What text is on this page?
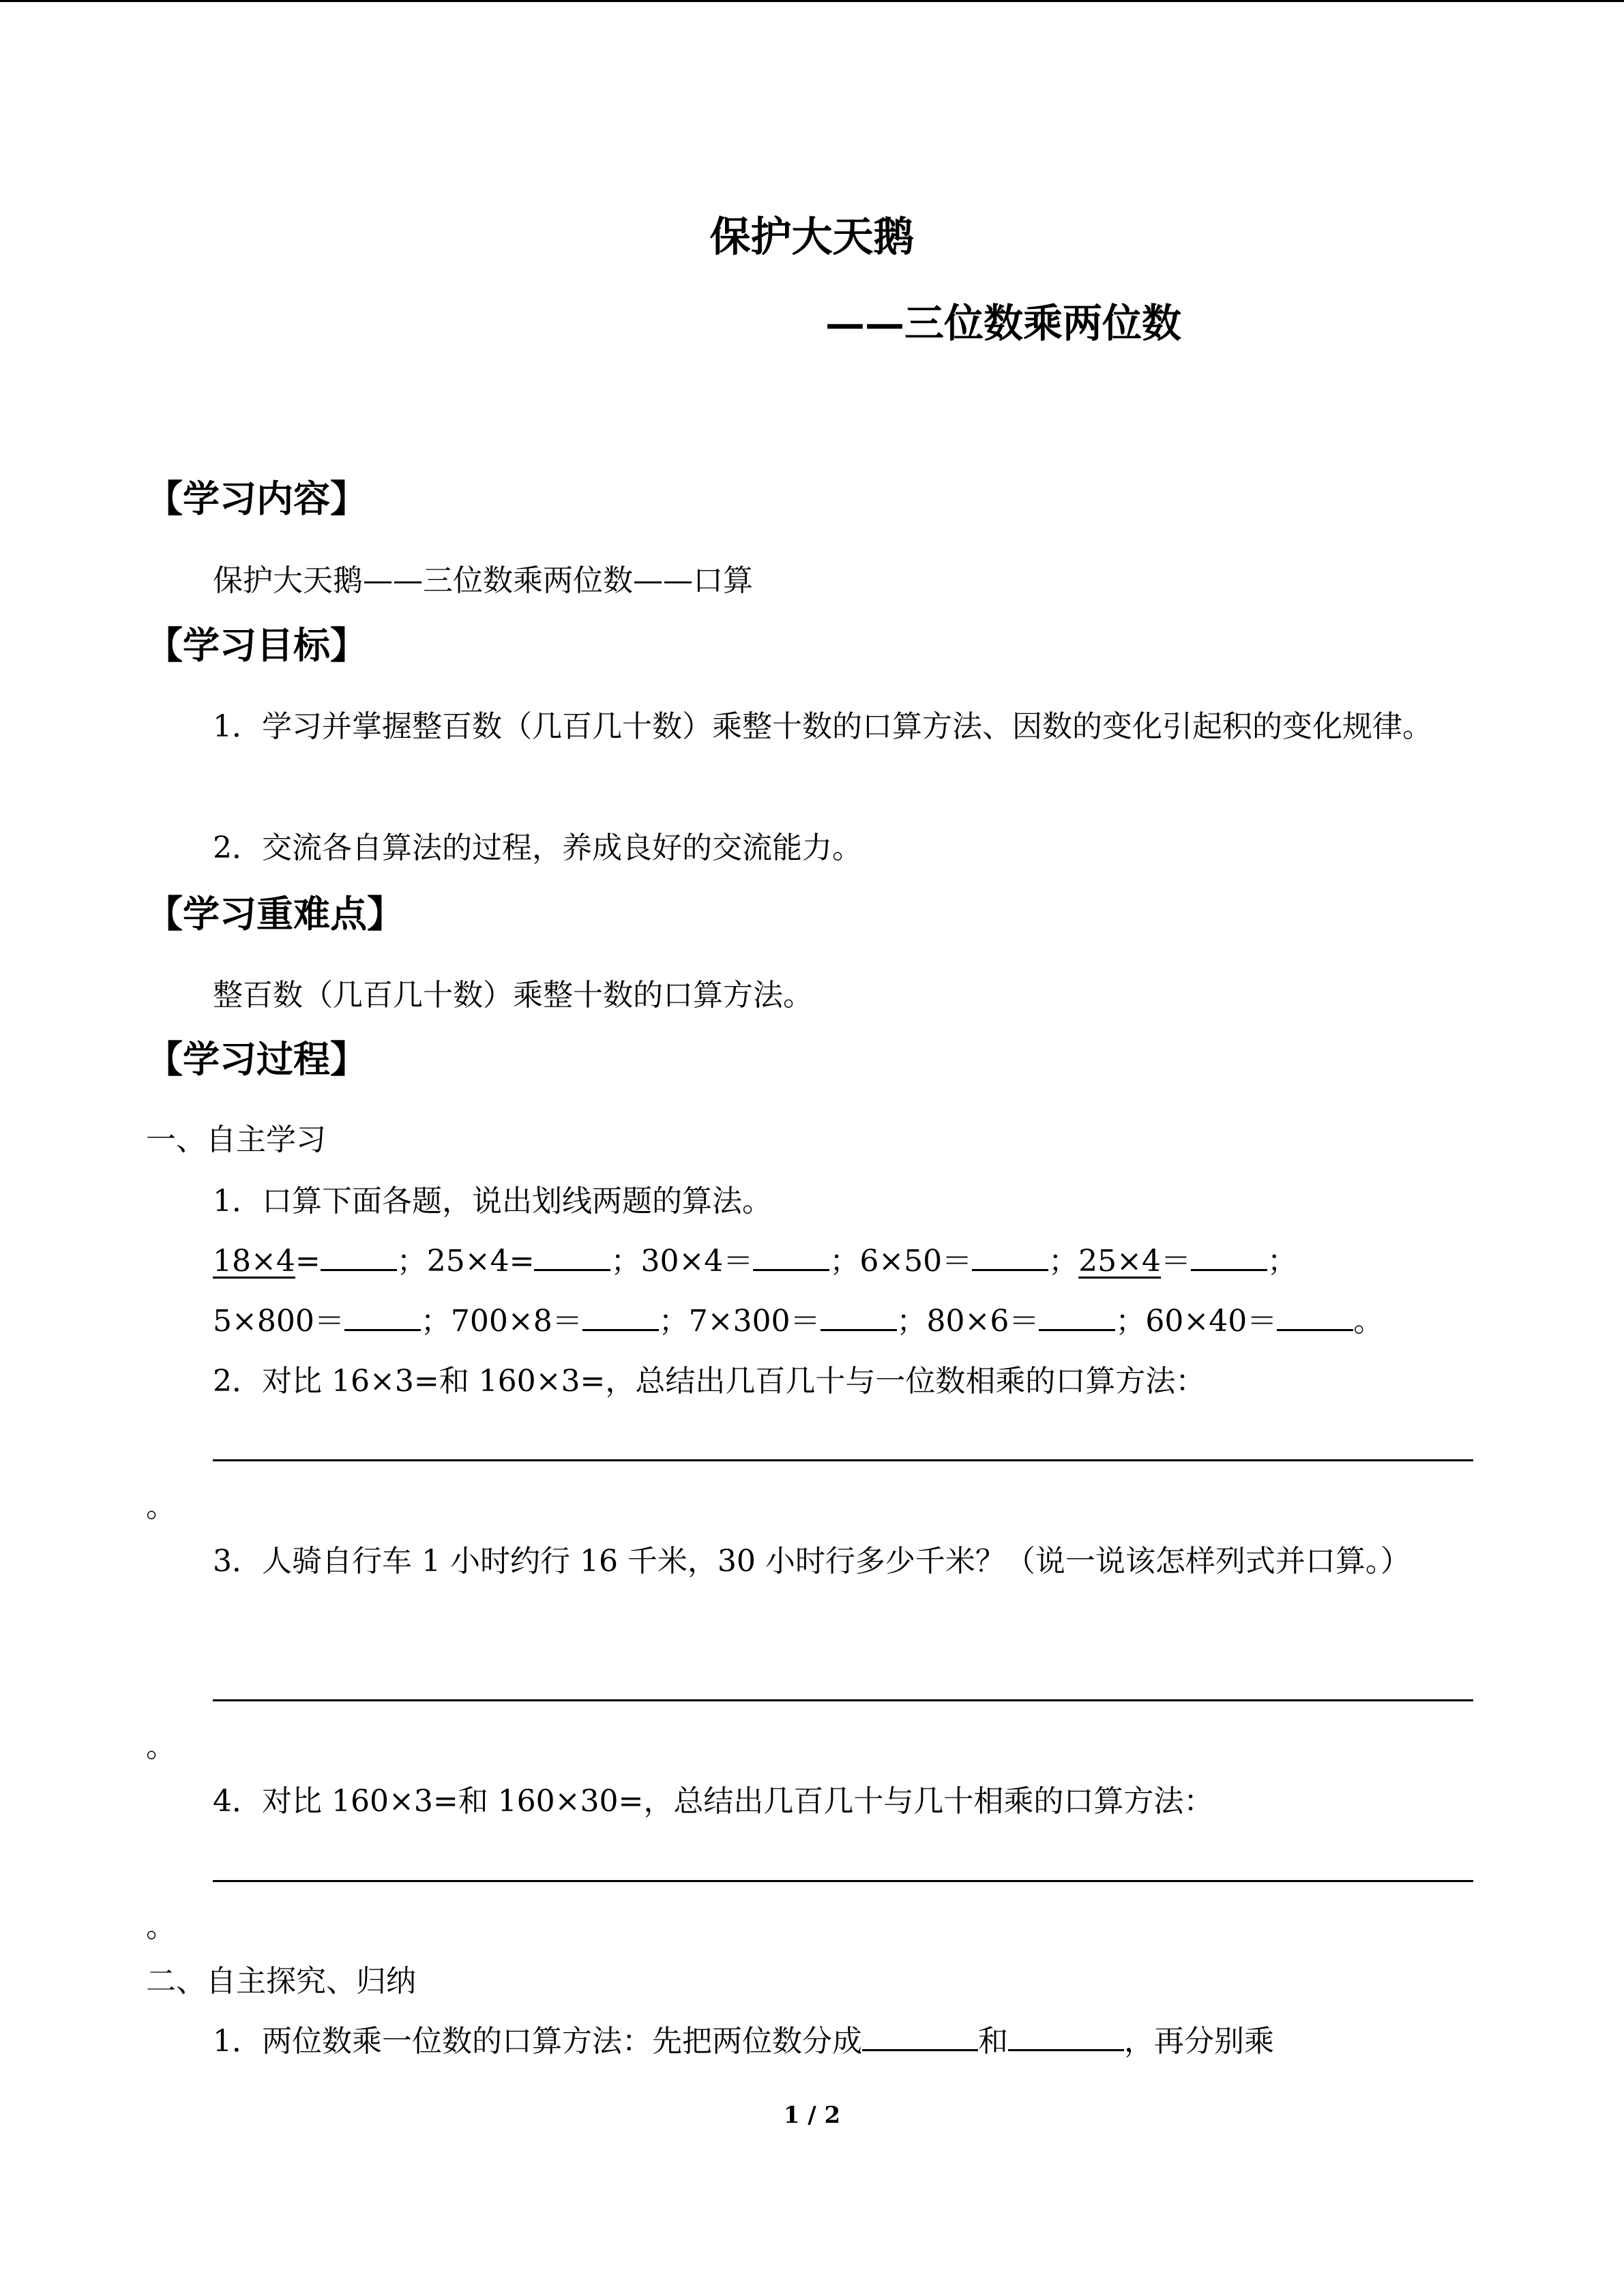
保护大天鹅
——三位数乘两位数
【学习内容】
保护大天鹅——三位数乘两位数——口算
【学习目标】
1．学习并掌握整百数（几百几十数）乘整十数的口算方法、因数的变化引起积的变化规律。
2．交流各自算法的过程，养成良好的交流能力。
【学习重难点】
整百数（几百几十数）乘整十数的口算方法。
【学习过程】
一、自主学习
1．口算下面各题，说出划线两题的算法。
18×4=	；25×4=	；30×4＝	；6×50＝	；25×4＝	；
5×800＝	；700×8＝	；7×300＝	；80×6＝	；60×40＝	。
2．对比 16×3=和 160×3=，总结出几百几十与一位数相乘的口算方法：
。
3．人骑自行车 1 小时约行 16 千米，30 小时行多少千米？（说一说该怎样列式并口算。）
。
4．对比 160×3=和 160×30=，总结出几百几十与几十相乘的口算方法：
。
二、自主探究、归纳
1．两位数乘一位数的口算方法：先把两位数分成	和	，再分别乘
1 / 2
